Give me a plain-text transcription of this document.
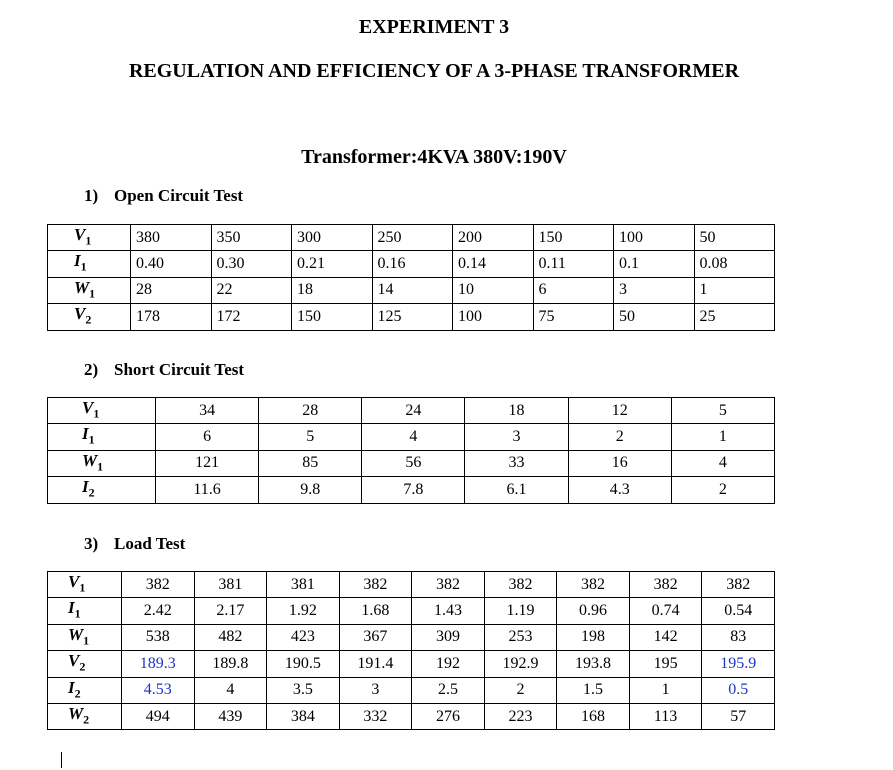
EXPERIMENT 3
REGULATION AND EFFICIENCY OF A 3-PHASE TRANSFORMER
Transformer:4KVA 380V:190V
1) Open Circuit Test
$V_1$	380	350	300	250	200	150	100	50
$I_1$	0.40	0.30	0.21	0.16	0.14	0.11	0.1	0.08
$W_1$	28	22	18	14	10	6	3	1
$V_2$	178	172	150	125	100	75	50	25
2) Short Circuit Test
$V_1$	34	28	24	18	12	5
$I_1$	6	5	4	3	2	1
$W_1$	121	85	56	33	16	4
$I_2$	11.6	9.8	7.8	6.1	4.3	2
3) Load Test
$V_1$	382	381	381	382	382	382	382	382	382
$I_1$	2.42	2.17	1.92	1.68	1.43	1.19	0.96	0.74	0.54
$W_1$	538	482	423	367	309	253	198	142	83
$V_2$	189.3	189.8	190.5	191.4	192	192.9	193.8	195	195.9
$I_2$	4.53	4	3.5	3	2.5	2	1.5	1	0.5
$W_2$	494	439	384	332	276	223	168	113	57
